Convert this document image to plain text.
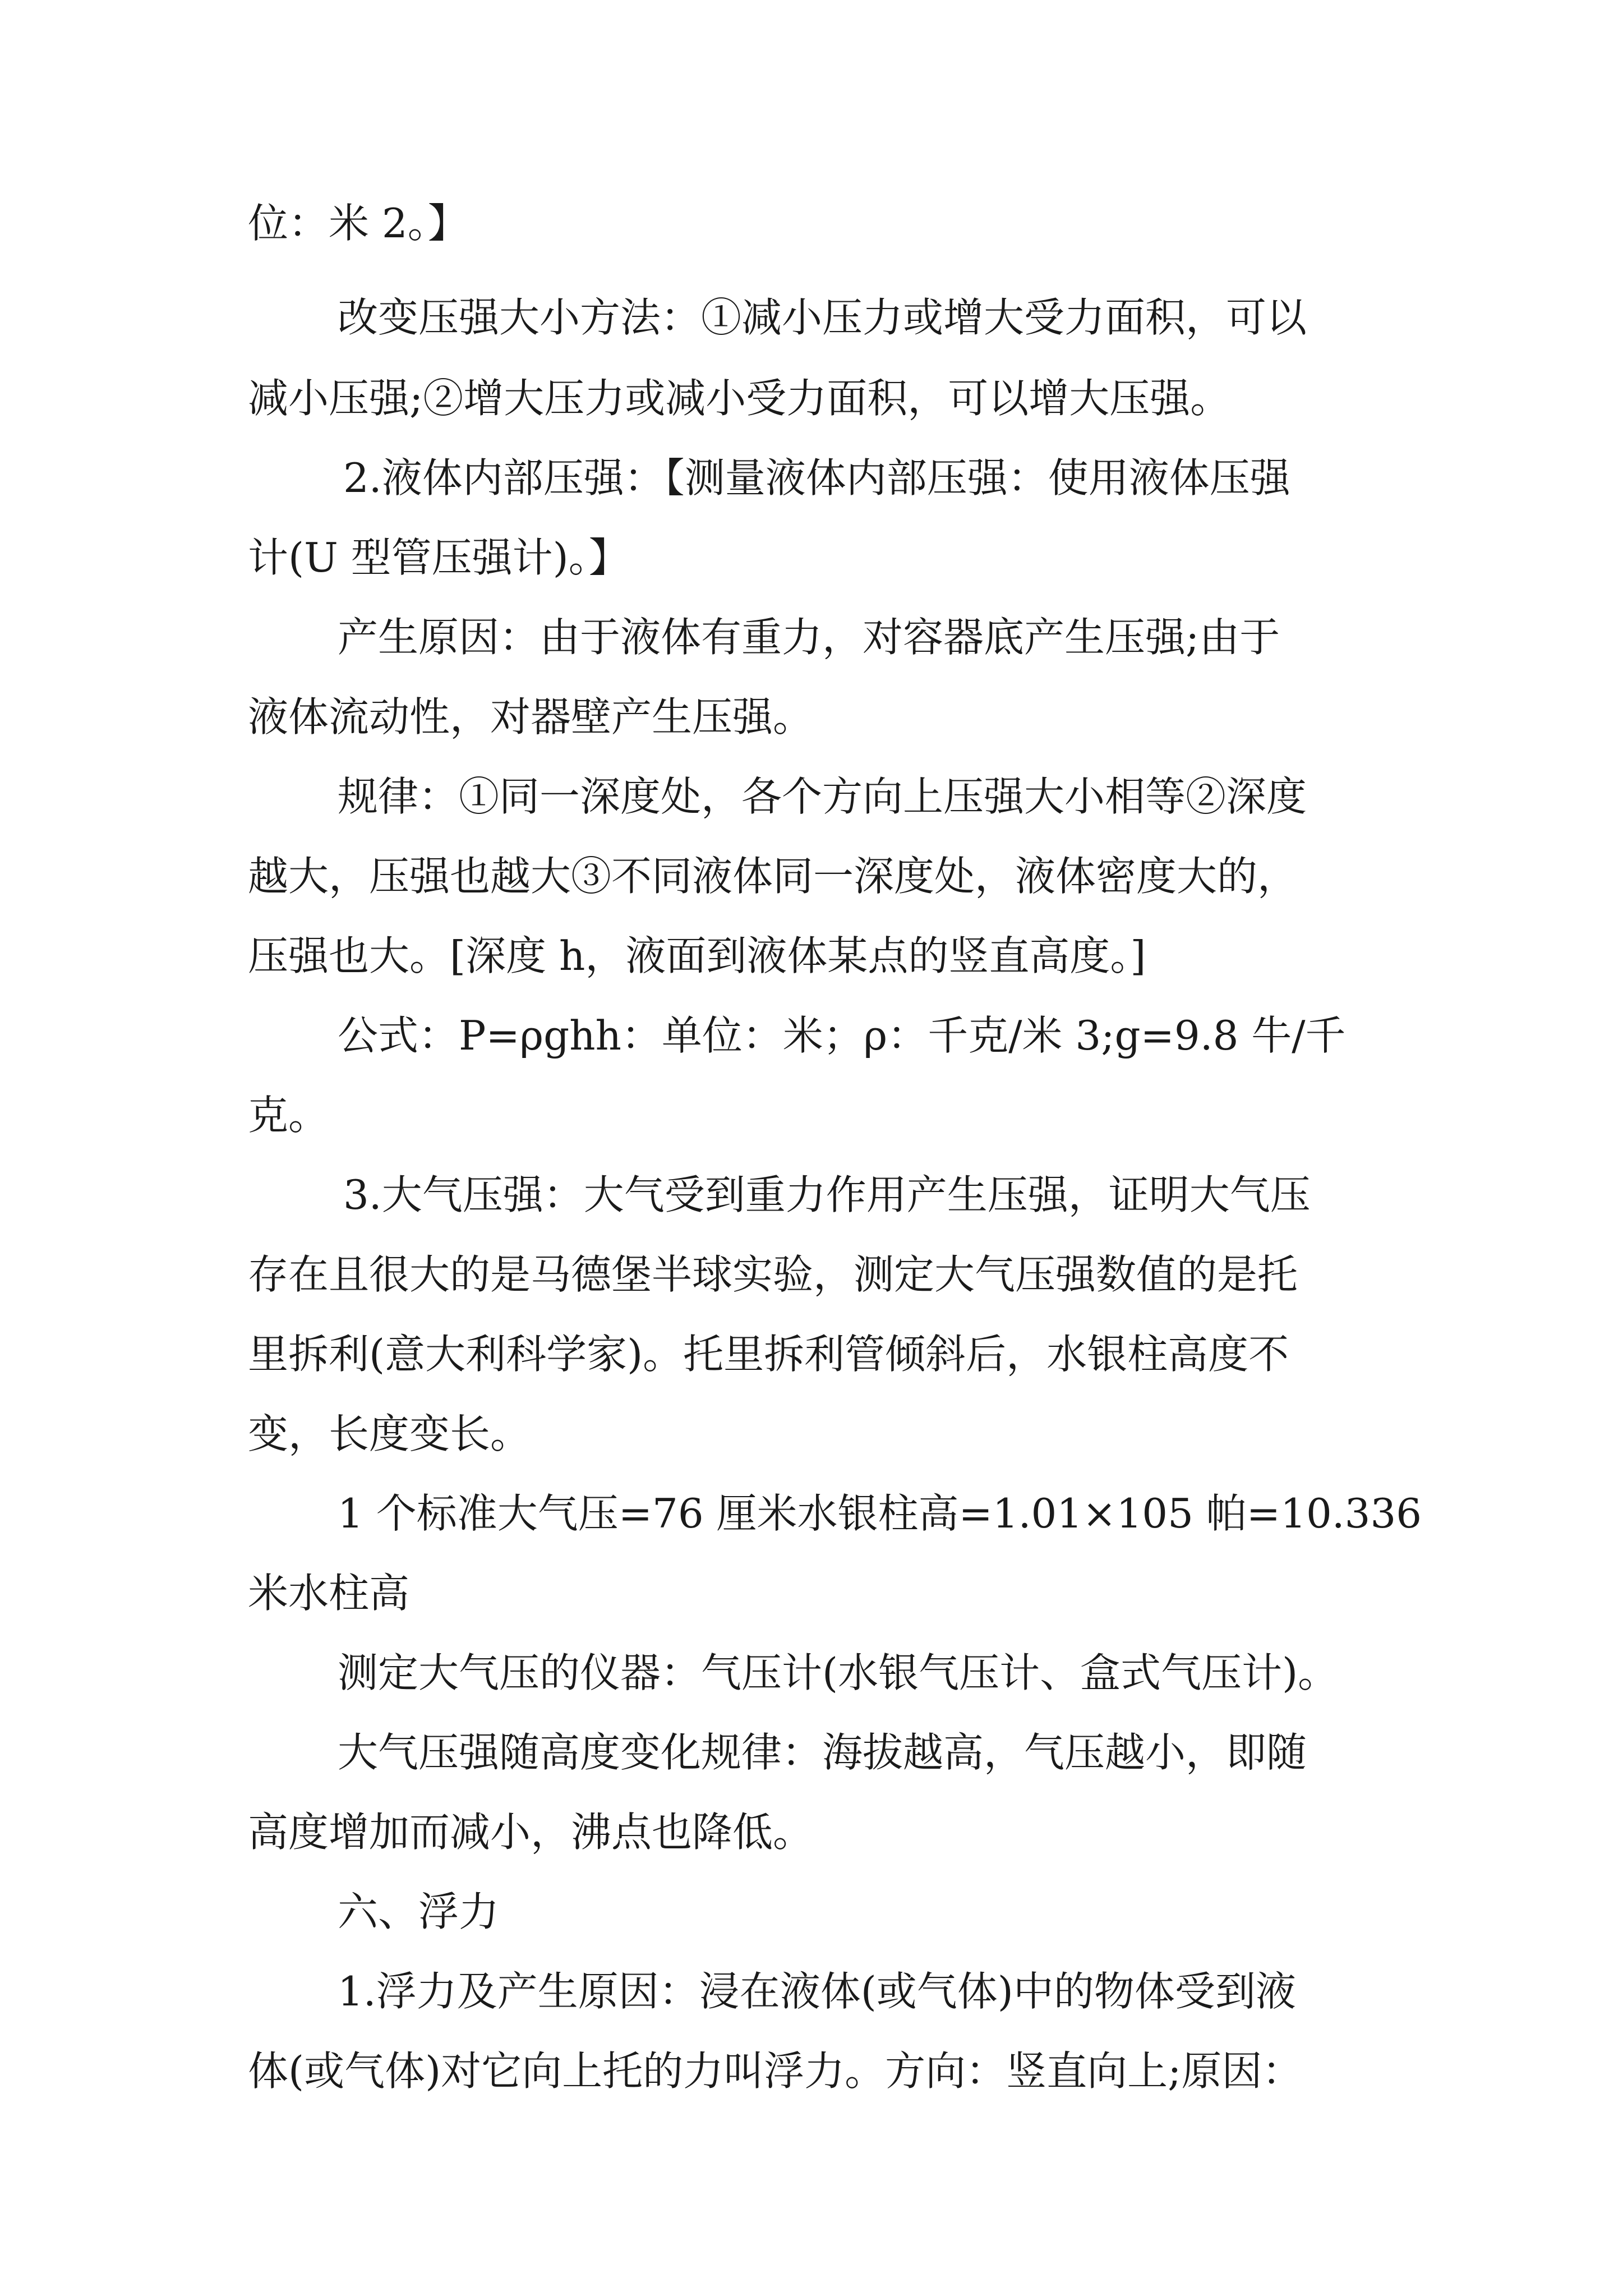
位：米 2。】

改变压强大小方法：①减小压力或增大受力面积，可以

减小压强;②增大压力或减小受力面积，可以增大压强。

2.液体内部压强：【测量液体内部压强：使用液体压强

计(U 型管压强计)。】

产生原因：由于液体有重力，对容器底产生压强;由于

液体流动性，对器壁产生压强。

规律：①同一深度处，各个方向上压强大小相等②深度

越大，压强也越大③不同液体同一深度处，液体密度大的，

压强也大。[深度 h，液面到液体某点的竖直高度。]

公式：P=ρghh：单位：米；ρ：千克/米 3;g=9.8 牛/千

克。

3.大气压强：大气受到重力作用产生压强，证明大气压

存在且很大的是马德堡半球实验，测定大气压强数值的是托

里拆利(意大利科学家)。托里拆利管倾斜后，水银柱高度不

变，长度变长。

1 个标准大气压=76 厘米水银柱高=1.01×105 帕=10.336

米水柱高

测定大气压的仪器：气压计(水银气压计、盒式气压计)。

大气压强随高度变化规律：海拔越高，气压越小，即随

高度增加而减小，沸点也降低。

六、浮力

1.浮力及产生原因：浸在液体(或气体)中的物体受到液

体(或气体)对它向上托的力叫浮力。方向：竖直向上;原因：
